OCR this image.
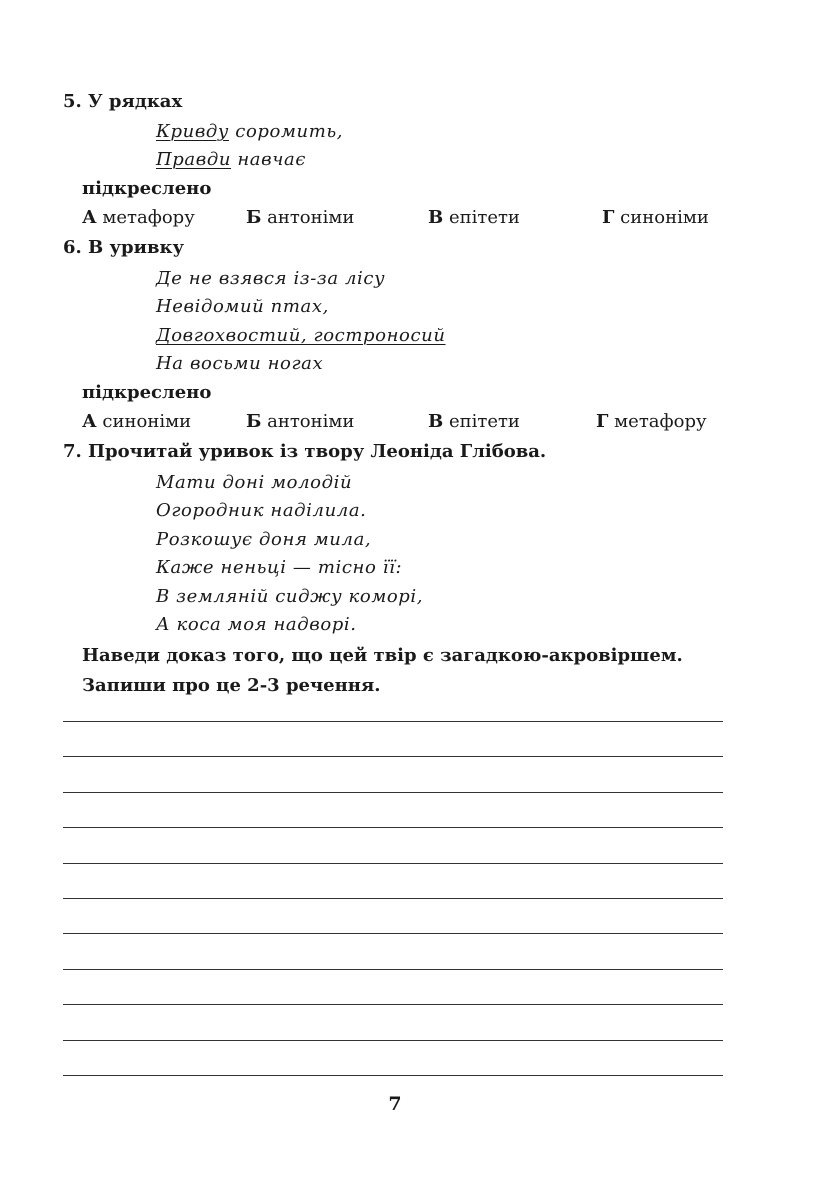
5. У рядках
Кривду соромить,
Правди навчає
підкреслено
А метафору	Б антоніми	В епітети	Г синоніми
6. В уривку
Де не взявся із-за лісу
Невідомий птах,
Довгохвостий, гостроносий
На восьми ногах
підкреслено
А синоніми	Б антоніми	В епітети	Г метафору
7. Прочитай уривок із твору Леоніда Глібова.
Мати доні молодій
Огородник наділила.
Розкошує доня мила,
Каже неньці — тісно її:
В земляній сиджу коморі,
А коса моя надворі.
Наведи доказ того, що цей твір є загадкою-акровіршем.
Запиши про це 2-3 речення.
7
